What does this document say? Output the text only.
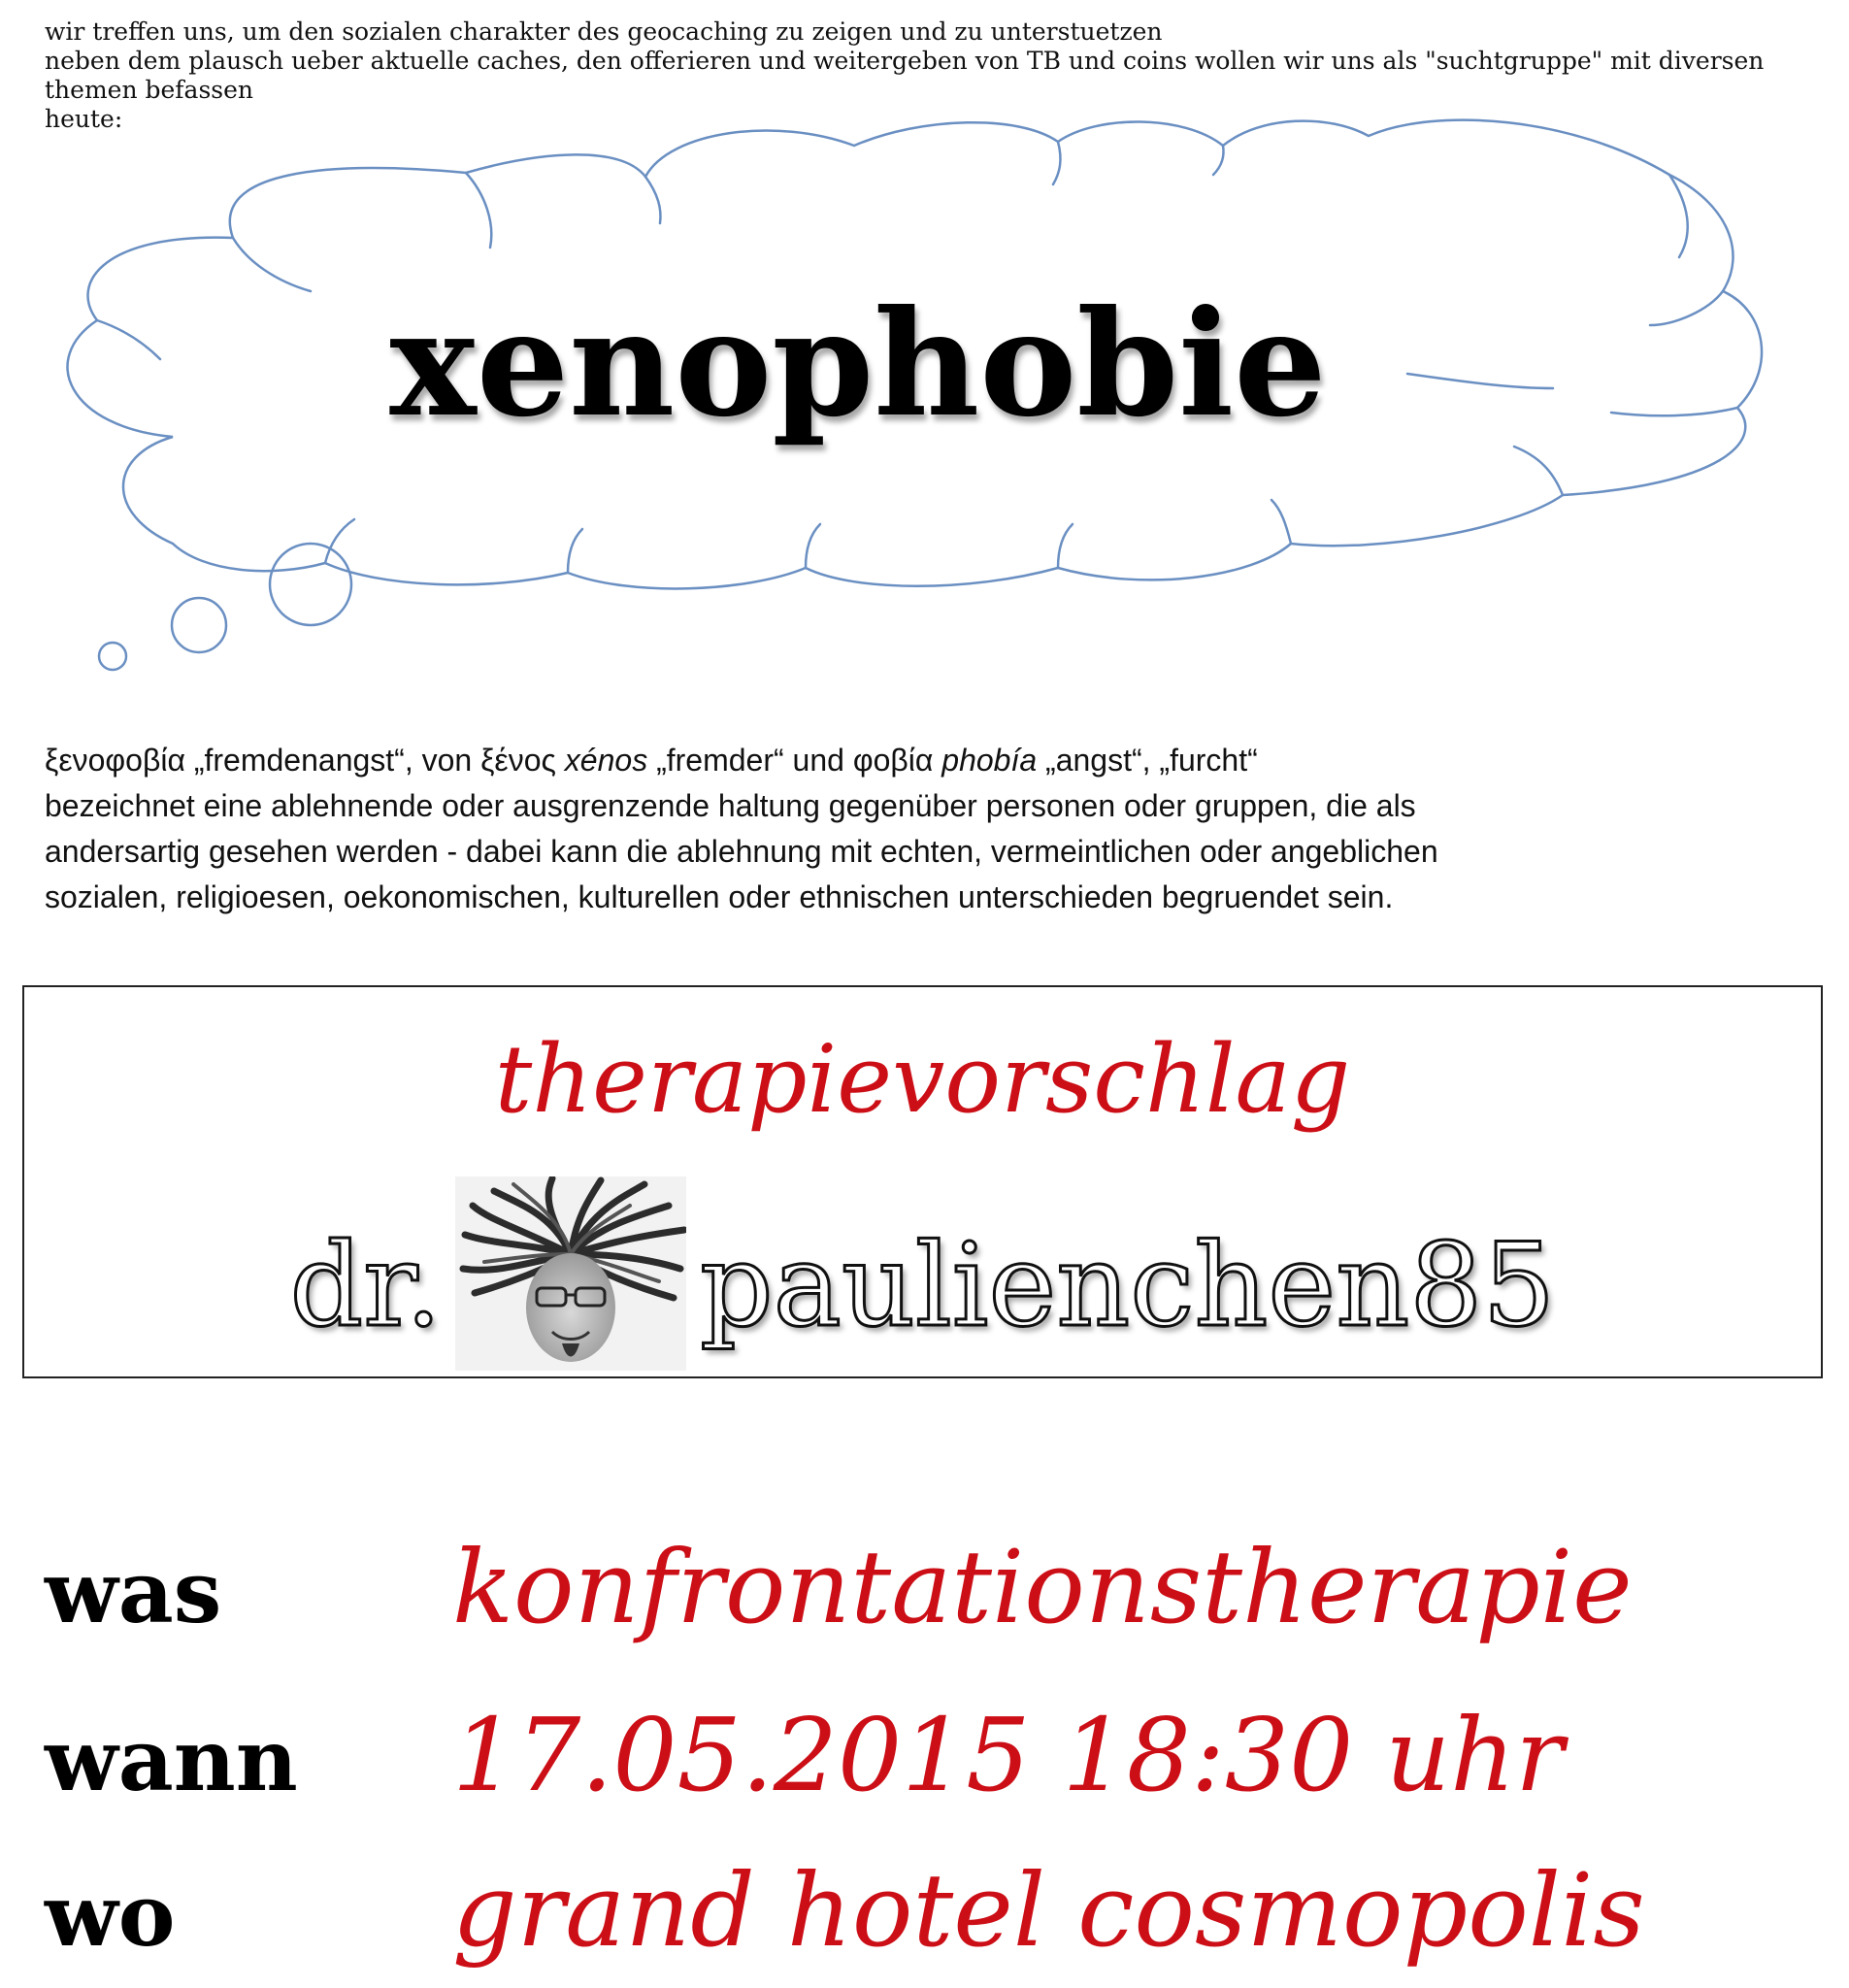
wir treffen uns, um den sozialen charakter des geocaching zu zeigen und zu unterstuetzen
neben dem plausch ueber aktuelle caches, den offerieren und weitergeben von TB und coins wollen wir uns als "suchtgruppe" mit diversen themen befassen
heute:
xenophobie
ξενοφοβία „fremdenangst“, von ξένος xénos „fremder“ und φοβία phobía „angst“, „furcht“
bezeichnet eine ablehnende oder ausgrenzende haltung gegenüber personen oder gruppen, die als
andersartig gesehen werden - dabei kann die ablehnung mit echten, vermeintlichen oder angeblichen
sozialen, religioesen, oekonomischen, kulturellen oder ethnischen unterschieden begruendet sein.
therapievorschlag
dr. paulienchen85
was konfrontationstherapie
wann 17.05.2015 18:30 uhr
wo	grand hotel cosmopolis
